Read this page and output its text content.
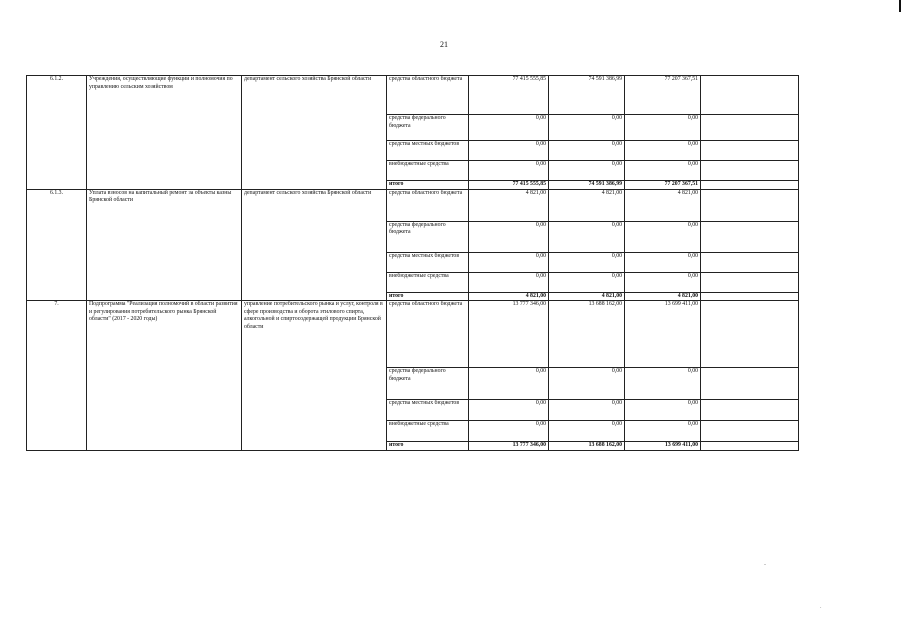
21
6.1.2.	Учреждения, осуществляющие функции и полномочия по управлению сельским хозяйством	департамент сельского хозяйства Брянской области	средства областного бюджета	77 415 555,85	74 591 386,99	77 207 367,51	
			средства федерального бюджета	0,00	0,00	0,00	
			средства местных бюджетов	0,00	0,00	0,00	
			внебюджетные средства	0,00	0,00	0,00	
			итого	77 415 555,85	74 591 386,99	77 207 367,51	
6.1.3.	Уплата взносов на капитальный ремонт за объекты казны Брянской области	департамент сельского хозяйства Брянской области	средства областного бюджета	4 821,00	4 821,00	4 821,00	
			средства федерального бюджета	0,00	0,00	0,00	
			средства местных бюджетов	0,00	0,00	0,00	
			внебюджетные средства	0,00	0,00	0,00	
			итого	4 821,00	4 821,00	4 821,00	
7.	Подпрограмма "Реализация полномочий в области развития и регулирования потребительского рынка Брянской области" (2017 - 2020 годы)	управление потребительского рынка и услуг, контроля в сфере производства и оборота этилового спирта, алкогольной и спиртосодержащей продукции Брянской области	средства областного бюджета	13 777 346,00	13 688 162,00	13 699 411,00	
			средства федерального бюджета	0,00	0,00	0,00	
			средства местных бюджетов	0,00	0,00	0,00	
			внебюджетные средства	0,00	0,00	0,00	
			итого	13 777 346,00	13 688 162,00	13 699 411,00	
-
.
